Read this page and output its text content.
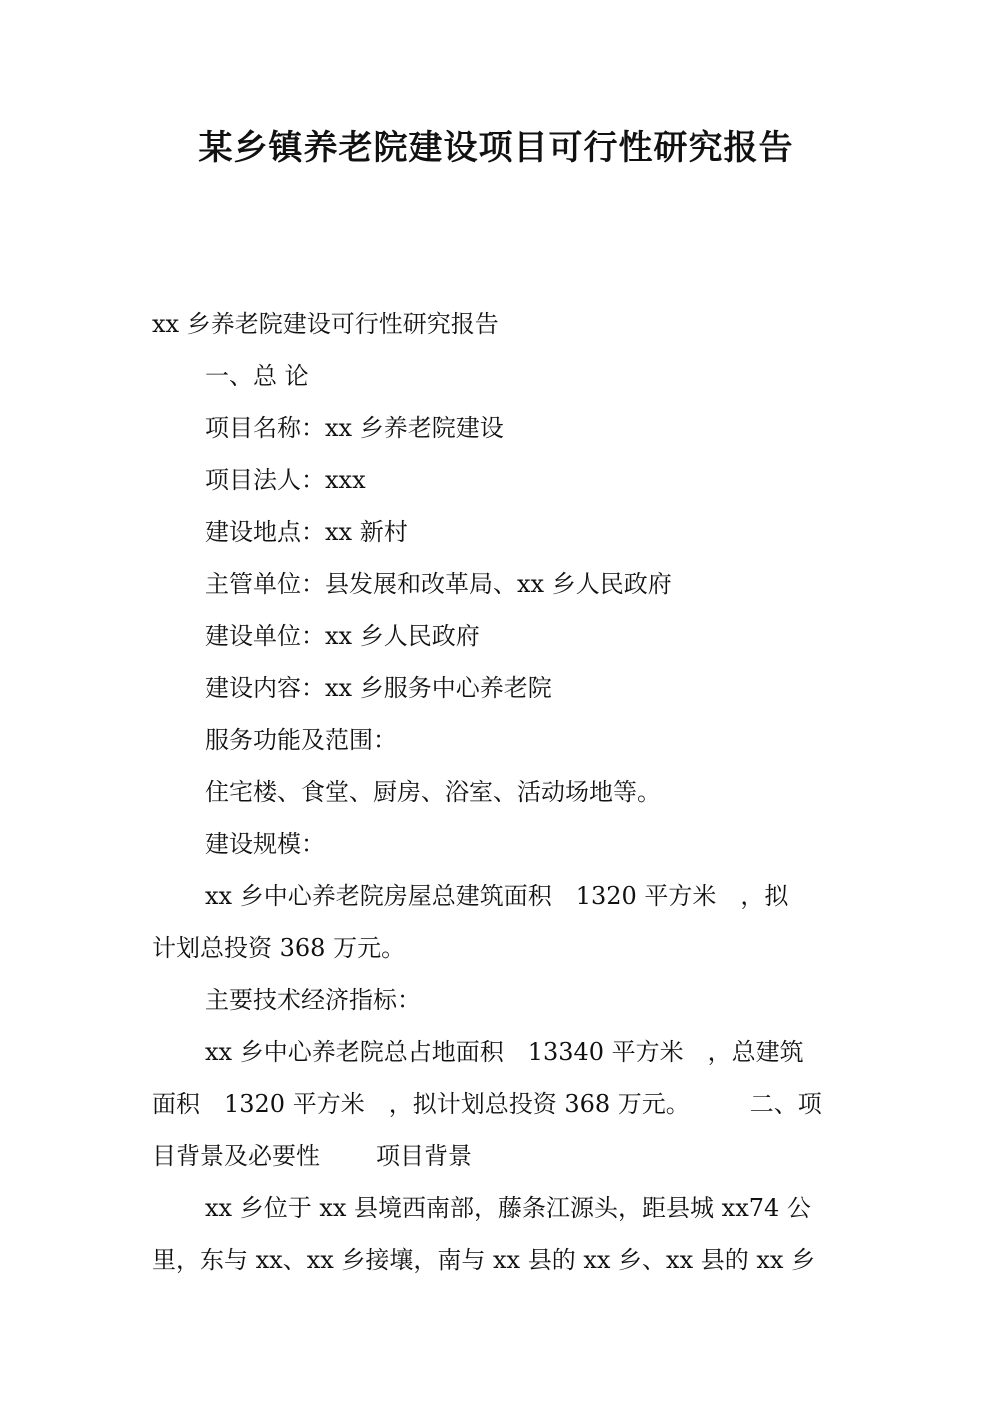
某乡镇养老院建设项目可行性研究报告

xx 乡养老院建设可行性研究报告

一、总 论

项目名称：xx 乡养老院建设

项目法人：xxx

建设地点：xx 新村

主管单位：县发展和改革局、xx 乡人民政府

建设单位：xx 乡人民政府

建设内容：xx 乡服务中心养老院

服务功能及范围：

住宅楼、食堂、厨房、浴室、活动场地等。

建设规模：

xx 乡中心养老院房屋总建筑面积　1320 平方米　，拟

计划总投资 368 万元。

主要技术经济指标：

xx 乡中心养老院总占地面积　13340 平方米　，总建筑

面积　1320 平方米　，拟计划总投资 368 万元。	二、项

目背景及必要性 项目背景

xx 乡位于 xx 县境西南部，藤条江源头，距县城 xx74 公

里，东与 xx、xx 乡接壤，南与 xx 县的 xx 乡、xx 县的 xx 乡
